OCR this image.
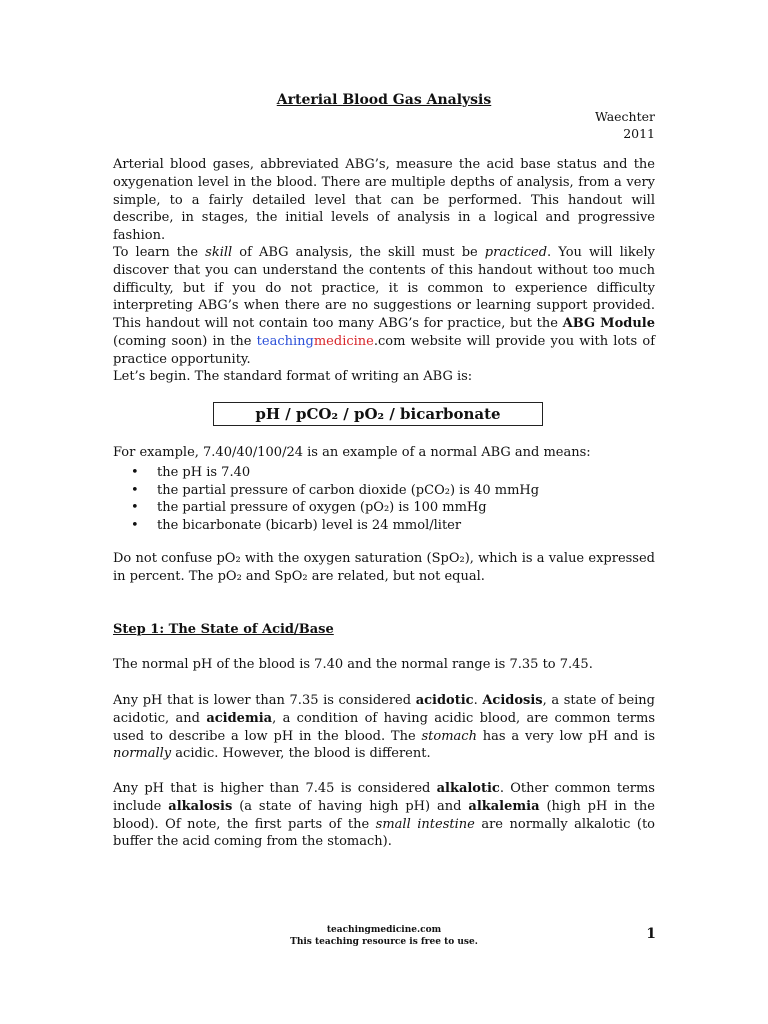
Arterial Blood Gas Analysis
Waechter
2011

Arterial blood gases, abbreviated ABG’s, measure the acid base status and the oxygenation level in the blood. There are multiple depths of analysis, from a very simple, to a fairly detailed level that can be performed. This handout will describe, in stages, the initial levels of analysis in a logical and progressive fashion.

To learn the skill of ABG analysis, the skill must be practiced. You will likely discover that you can understand the contents of this handout without too much difficulty, but if you do not practice, it is common to experience difficulty interpreting ABG’s when there are no suggestions or learning support provided. This handout will not contain too many ABG’s for practice, but the ABG Module (coming soon) in the teachingmedicine.com website will provide you with lots of practice opportunity.

Let’s begin. The standard format of writing an ABG is:

pH / pCO₂ / pO₂ / bicarbonate

For example, 7.40/40/100/24 is an example of a normal ABG and means:

• the pH is 7.40
• the partial pressure of carbon dioxide (pCO₂) is 40 mmHg
• the partial pressure of oxygen (pO₂) is 100 mmHg
• the bicarbonate (bicarb) level is 24 mmol/liter

Do not confuse pO₂ with the oxygen saturation (SpO₂), which is a value expressed in percent. The pO₂ and SpO₂ are related, but not equal.

Step 1: The State of Acid/Base

The normal pH of the blood is 7.40 and the normal range is 7.35 to 7.45.

Any pH that is lower than 7.35 is considered acidotic. Acidosis, a state of being acidotic, and acidemia, a condition of having acidic blood, are common terms used to describe a low pH in the blood. The stomach has a very low pH and is normally acidic. However, the blood is different.

Any pH that is higher than 7.45 is considered alkalotic. Other common terms include alkalosis (a state of having high pH) and alkalemia (high pH in the blood). Of note, the first parts of the small intestine are normally alkalotic (to buffer the acid coming from the stomach).

teachingmedicine.com
This teaching resource is free to use.	1
